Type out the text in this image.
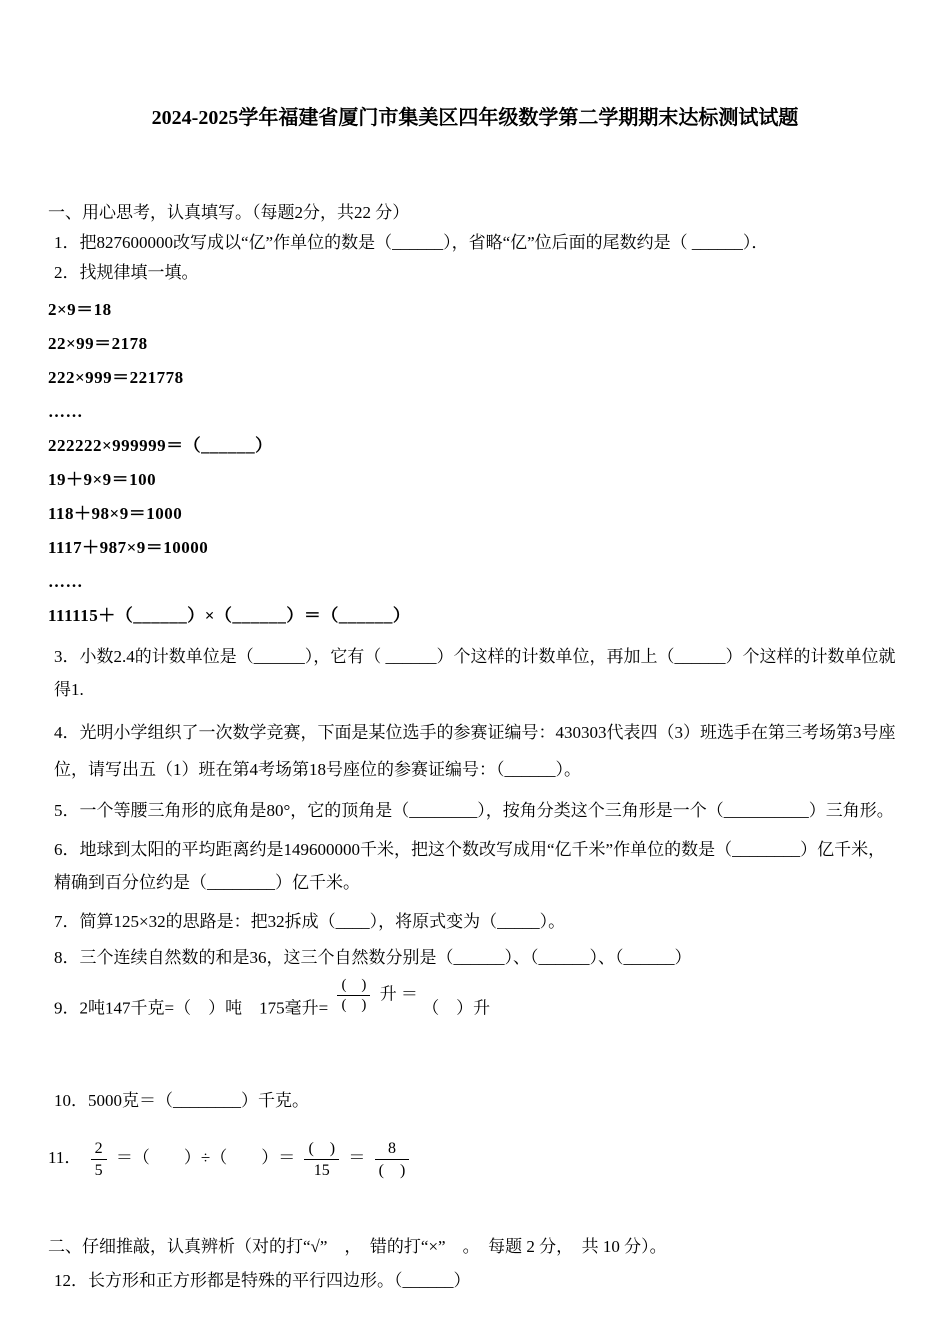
2024-2025学年福建省厦门市集美区四年级数学第二学期期末达标测试试题
一、用心思考，认真填写。（每题2分，共22 分）
1．把827600000改写成以“亿”作单位的数是（______），省略“亿”位后面的尾数约是（ ______）．
2．找规律填一填。
2×9＝18
22×99＝2178
222×999＝221778
……
222222×999999＝（______）
19＋9×9＝100
118＋98×9＝1000
1117＋987×9＝10000
……
111115＋（______）×（______）＝（______）
3．小数2.4的计数单位是（______），它有（ ______）个这样的计数单位，再加上（______）个这样的计数单位就得1.
4．光明小学组织了一次数学竞赛，下面是某位选手的参赛证编号：430303代表四（3）班选手在第三考场第3号座位，请写出五（1）班在第4考场第18号座位的参赛证编号：（______）。
5．一个等腰三角形的底角是80°，它的顶角是（________），按角分类这个三角形是一个（__________）三角形。
6．地球到太阳的平均距离约是149600000千米，把这个数改写成用“亿千米”作单位的数是（________）亿千米，精确到百分位约是（________）亿千米。
7．简算125×32的思路是：把32拆成（____），将原式变为（_____）。
8．三个连续自然数的和是36，这三个自然数分别是（______）、（______）、（______）
9．2吨147千克=（　）吨　175毫升= $\frac{( )}{( )}$ 升 ＝ （　）升
10．5000克＝（________）千克。
11． $\frac{2}{5}$ ＝（　　）÷（　　）＝ $\frac{( )}{15} = \frac{8}{( )}$
二、仔细推敲，认真辨析（对的打“√”　，　错的打“×”　。　每题 2 分，　共 10 分）。
12．长方形和正方形都是特殊的平行四边形。（______）
